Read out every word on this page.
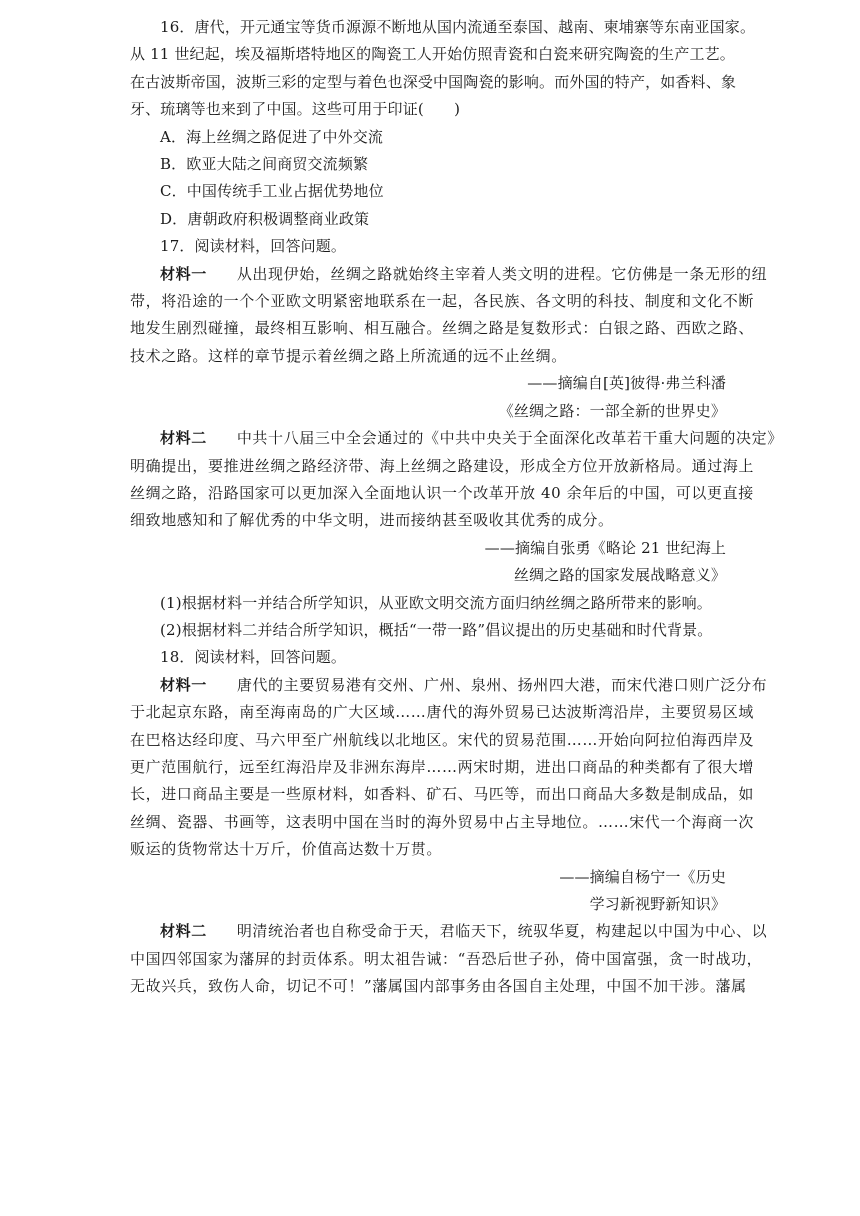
16．唐代，开元通宝等货币源源不断地从国内流通至泰国、越南、柬埔寨等东南亚国家。
从 11 世纪起，埃及福斯塔特地区的陶瓷工人开始仿照青瓷和白瓷来研究陶瓷的生产工艺。
在古波斯帝国，波斯三彩的定型与着色也深受中国陶瓷的影响。而外国的特产，如香料、象
牙、琉璃等也来到了中国。这些可用于印证(　　)
A．海上丝绸之路促进了中外交流
B．欧亚大陆之间商贸交流频繁
C．中国传统手工业占据优势地位
D．唐朝政府积极调整商业政策
17．阅读材料，回答问题。
材料一 从出现伊始，丝绸之路就始终主宰着人类文明的进程。它仿佛是一条无形的纽
带，将沿途的一个个亚欧文明紧密地联系在一起，各民族、各文明的科技、制度和文化不断
地发生剧烈碰撞，最终相互影响、相互融合。丝绸之路是复数形式：白银之路、西欧之路、
技术之路。这样的章节提示着丝绸之路上所流通的远不止丝绸。
——摘编自[英]彼得·弗兰科潘
《丝绸之路：一部全新的世界史》
材料二 中共十八届三中全会通过的《中共中央关于全面深化改革若干重大问题的决定》
明确提出，要推进丝绸之路经济带、海上丝绸之路建设，形成全方位开放新格局。通过海上
丝绸之路，沿路国家可以更加深入全面地认识一个改革开放 40 余年后的中国，可以更直接
细致地感知和了解优秀的中华文明，进而接纳甚至吸收其优秀的成分。
——摘编自张勇《略论 21 世纪海上
丝绸之路的国家发展战略意义》
(1)根据材料一并结合所学知识，从亚欧文明交流方面归纳丝绸之路所带来的影响。
(2)根据材料二并结合所学知识，概括“一带一路”倡议提出的历史基础和时代背景。
18．阅读材料，回答问题。
材料一 唐代的主要贸易港有交州、广州、泉州、扬州四大港，而宋代港口则广泛分布
于北起京东路，南至海南岛的广大区域……唐代的海外贸易已达波斯湾沿岸，主要贸易区域
在巴格达经印度、马六甲至广州航线以北地区。宋代的贸易范围……开始向阿拉伯海西岸及
更广范围航行，远至红海沿岸及非洲东海岸……两宋时期，进出口商品的种类都有了很大增
长，进口商品主要是一些原材料，如香料、矿石、马匹等，而出口商品大多数是制成品，如
丝绸、瓷器、书画等，这表明中国在当时的海外贸易中占主导地位。……宋代一个海商一次
贩运的货物常达十万斤，价值高达数十万贯。
——摘编自杨宁一《历史
学习新视野新知识》
材料二 明清统治者也自称受命于天，君临天下，统驭华夏，构建起以中国为中心、以
中国四邻国家为藩屏的封贡体系。明太祖告诫：“吾恐后世子孙，倚中国富强，贪一时战功，
无故兴兵，致伤人命，切记不可！”藩属国内部事务由各国自主处理，中国不加干涉。藩属
